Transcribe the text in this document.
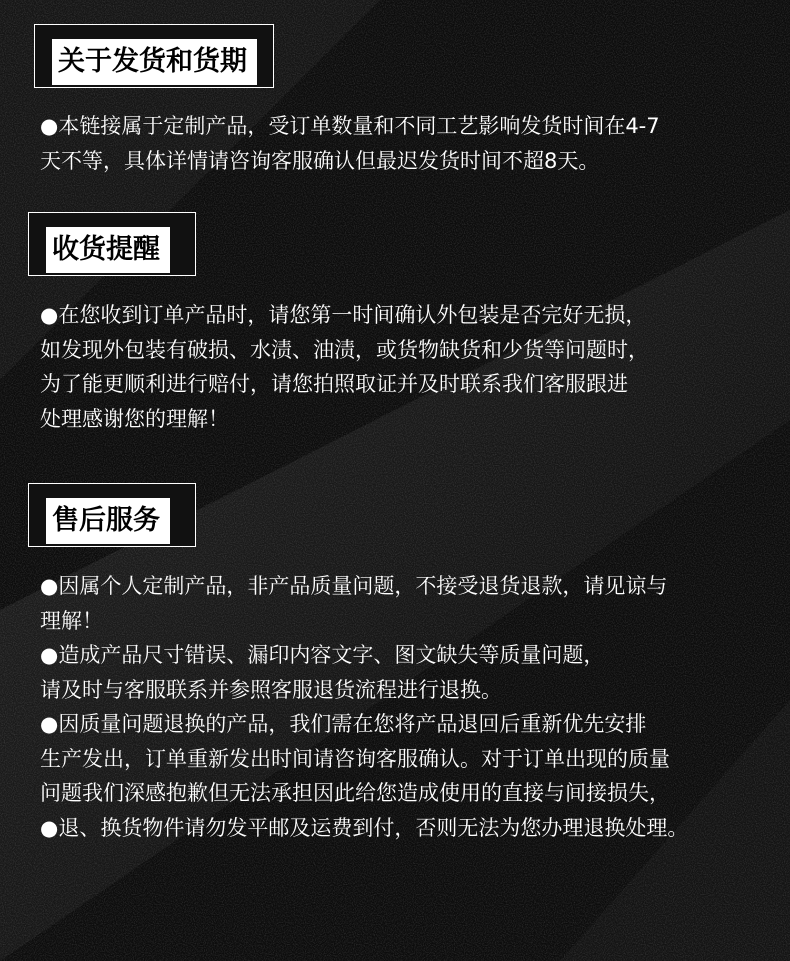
关于发货和货期
●本链接属于定制产品，受订单数量和不同工艺影响发货时间在4-7
天不等，具体详情请咨询客服确认但最迟发货时间不超8天。
收货提醒
●在您收到订单产品时，请您第一时间确认外包装是否完好无损，
如发现外包装有破损、水渍、油渍，或货物缺货和少货等问题时，
为了能更顺利进行赔付，请您拍照取证并及时联系我们客服跟进
处理感谢您的理解！
售后服务
●因属个人定制产品，非产品质量问题，不接受退货退款，请见谅与
理解！
●造成产品尺寸错误、漏印内容文字、图文缺失等质量问题，
请及时与客服联系并参照客服退货流程进行退换。
●因质量问题退换的产品，我们需在您将产品退回后重新优先安排
生产发出，订单重新发出时间请咨询客服确认。对于订单出现的质量
问题我们深感抱歉但无法承担因此给您造成使用的直接与间接损失，
●退、换货物件请勿发平邮及运费到付，否则无法为您办理退换处理。
